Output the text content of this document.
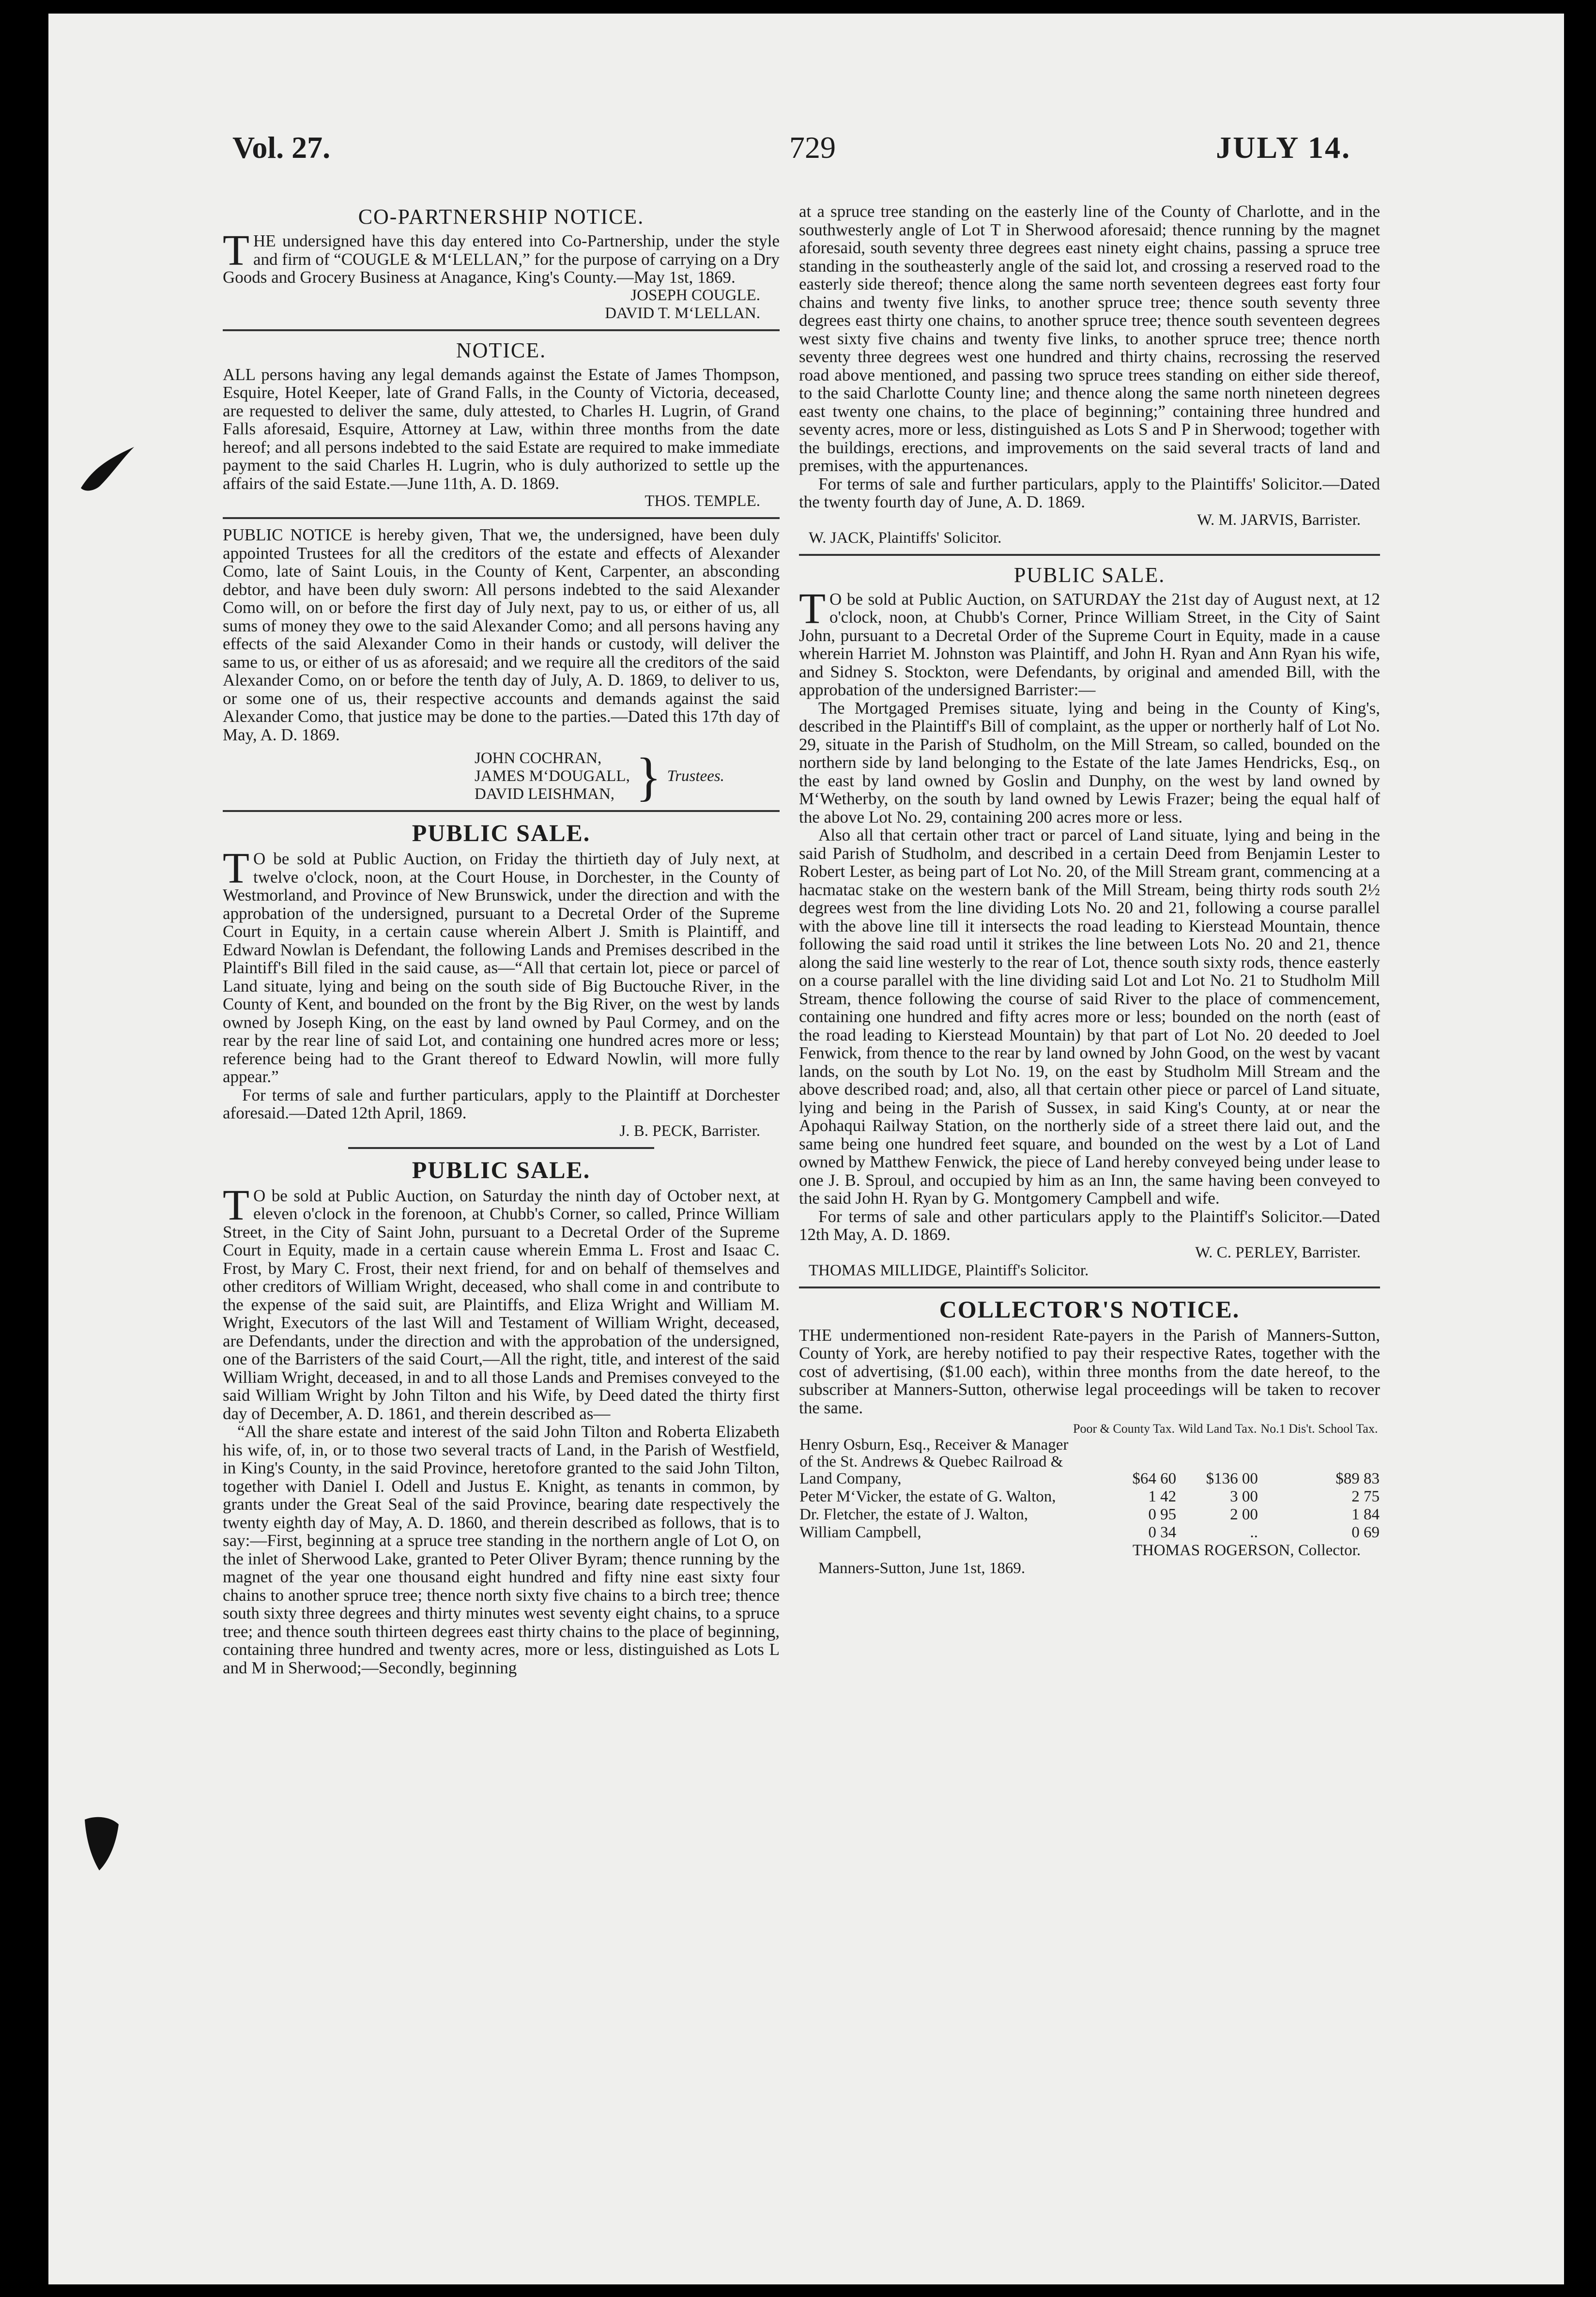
Vol. 27.	729	JULY 14.
CO-PARTNERSHIP NOTICE.

THE undersigned have this day entered into Co-Partnership, under the style and firm of “COUGLE & M‘LELLAN,” for the purpose of carrying on a Dry Goods and Grocery Business at Anagance, King's County.—May 1st, 1869.

JOSEPH COUGLE.
DAVID T. M‘LELLAN.
NOTICE.

ALL persons having any legal demands against the Estate of James Thompson, Esquire, Hotel Keeper, late of Grand Falls, in the County of Victoria, deceased, are requested to deliver the same, duly attested, to Charles H. Lugrin, of Grand Falls aforesaid, Esquire, Attorney at Law, within three months from the date hereof; and all persons indebted to the said Estate are required to make immediate payment to the said Charles H. Lugrin, who is duly authorized to settle up the affairs of the said Estate.—June 11th, A. D. 1869.

THOS. TEMPLE.

PUBLIC NOTICE is hereby given, That we, the undersigned, have been duly appointed Trustees for all the creditors of the estate and effects of Alexander Como, late of Saint Louis, in the County of Kent, Carpenter, an absconding debtor, and have been duly sworn: All persons indebted to the said Alexander Como will, on or before the first day of July next, pay to us, or either of us, all sums of money they owe to the said Alexander Como; and all persons having any effects of the said Alexander Como in their hands or custody, will deliver the same to us, or either of us as aforesaid; and we require all the creditors of the said Alexander Como, on or before the tenth day of July, A. D. 1869, to deliver to us, or some one of us, their respective accounts and demands against the said Alexander Como, that justice may be done to the parties.—Dated this 17th day of May, A. D. 1869.

JOHN COCHRAN,
JAMES M‘DOUGALL,
DAVID LEISHMAN, } Trustees.
PUBLIC SALE.

TO be sold at Public Auction, on Friday the thirtieth day of July next, at twelve o'clock, noon, at the Court House, in Dorchester, in the County of Westmorland, and Province of New Brunswick, under the direction and with the approbation of the undersigned, pursuant to a Decretal Order of the Supreme Court in Equity, in a certain cause wherein Albert J. Smith is Plaintiff, and Edward Nowlan is Defendant, the following Lands and Premises described in the Plaintiff's Bill filed in the said cause, as—“All that certain lot, piece or parcel of Land situate, lying and being on the south side of Big Buctouche River, in the County of Kent, and bounded on the front by the Big River, on the west by lands owned by Joseph King, on the east by land owned by Paul Cormey, and on the rear by the rear line of said Lot, and containing one hundred acres more or less; reference being had to the Grant thereof to Edward Nowlin, will more fully appear.”

For terms of sale and further particulars, apply to the Plaintiff at Dorchester aforesaid.—Dated 12th April, 1869.

J. B. PECK, Barrister.
PUBLIC SALE.

TO be sold at Public Auction, on Saturday the ninth day of October next, at eleven o'clock in the forenoon, at Chubb's Corner, so called, Prince William Street, in the City of Saint John, pursuant to a Decretal Order of the Supreme Court in Equity, made in a certain cause wherein Emma L. Frost and Isaac C. Frost, by Mary C. Frost, their next friend, for and on behalf of themselves and other creditors of William Wright, deceased, who shall come in and contribute to the expense of the said suit, are Plaintiffs, and Eliza Wright and William M. Wright, Executors of the last Will and Testament of William Wright, deceased, are Defendants, under the direction and with the approbation of the undersigned, one of the Barristers of the said Court,—All the right, title, and interest of the said William Wright, deceased, in and to all those Lands and Premises conveyed to the said William Wright by John Tilton and his Wife, by Deed dated the thirty first day of December, A. D. 1861, and therein described as—

“All the share estate and interest of the said John Tilton and Roberta Elizabeth his wife, of, in, or to those two several tracts of Land, in the Parish of Westfield, in King's County, in the said Province, heretofore granted to the said John Tilton, together with Daniel I. Odell and Justus E. Knight, as tenants in common, by grants under the Great Seal of the said Province, bearing date respectively the twenty eighth day of May, A. D. 1860, and therein described as follows, that is to say:—First, beginning at a spruce tree standing in the northern angle of Lot O, on the inlet of Sherwood Lake, granted to Peter Oliver Byram; thence running by the magnet of the year one thousand eight hundred and fifty nine east sixty four chains to another spruce tree; thence north sixty five chains to a birch tree; thence south sixty three degrees and thirty minutes west seventy eight chains, to a spruce tree; and thence south thirteen degrees east thirty chains to the place of beginning, containing three hundred and twenty acres, more or less, distinguished as Lots L and M in Sherwood;—Secondly, beginning

at a spruce tree standing on the easterly line of the County of Charlotte, and in the southwesterly angle of Lot T in Sherwood aforesaid; thence running by the magnet aforesaid, south seventy three degrees east ninety eight chains, passing a spruce tree standing in the southeasterly angle of the said lot, and crossing a reserved road to the easterly side thereof; thence along the same north seventeen degrees east forty four chains and twenty five links, to another spruce tree; thence south seventy three degrees east thirty one chains, to another spruce tree; thence south seventeen degrees west sixty five chains and twenty five links, to another spruce tree; thence north seventy three degrees west one hundred and thirty chains, recrossing the reserved road above mentioned, and passing two spruce trees standing on either side thereof, to the said Charlotte County line; and thence along the same north nineteen degrees east twenty one chains, to the place of beginning;” containing three hundred and seventy acres, more or less, distinguished as Lots S and P in Sherwood; together with the buildings, erections, and improvements on the said several tracts of land and premises, with the appurtenances.

For terms of sale and further particulars, apply to the Plaintiffs' Solicitor.—Dated the twenty fourth day of June, A. D. 1869.

W. M. JARVIS, Barrister.
W. JACK, Plaintiffs' Solicitor.
PUBLIC SALE.

TO be sold at Public Auction, on SATURDAY the 21st day of August next, at 12 o'clock, noon, at Chubb's Corner, Prince William Street, in the City of Saint John, pursuant to a Decretal Order of the Supreme Court in Equity, made in a cause wherein Harriet M. Johnston was Plaintiff, and John H. Ryan and Ann Ryan his wife, and Sidney S. Stockton, were Defendants, by original and amended Bill, with the approbation of the undersigned Barrister:—

The Mortgaged Premises situate, lying and being in the County of King's, described in the Plaintiff's Bill of complaint, as the upper or northerly half of Lot No. 29, situate in the Parish of Studholm, on the Mill Stream, so called, bounded on the northern side by land belonging to the Estate of the late James Hendricks, Esq., on the east by land owned by Goslin and Dunphy, on the west by land owned by M‘Wetherby, on the south by land owned by Lewis Frazer; being the equal half of the above Lot No. 29, containing 200 acres more or less.

Also all that certain other tract or parcel of Land situate, lying and being in the said Parish of Studholm, and described in a certain Deed from Benjamin Lester to Robert Lester, as being part of Lot No. 20, of the Mill Stream grant, commencing at a hacmatac stake on the western bank of the Mill Stream, being thirty rods south 2½ degrees west from the line dividing Lots No. 20 and 21, following a course parallel with the above line till it intersects the road leading to Kierstead Mountain, thence following the said road until it strikes the line between Lots No. 20 and 21, thence along the said line westerly to the rear of Lot, thence south sixty rods, thence easterly on a course parallel with the line dividing said Lot and Lot No. 21 to Studholm Mill Stream, thence following the course of said River to the place of commencement, containing one hundred and fifty acres more or less; bounded on the north (east of the road leading to Kierstead Mountain) by that part of Lot No. 20 deeded to Joel Fenwick, from thence to the rear by land owned by John Good, on the west by vacant lands, on the south by Lot No. 19, on the east by Studholm Mill Stream and the above described road; and, also, all that certain other piece or parcel of Land situate, lying and being in the Parish of Sussex, in said King's County, at or near the Apohaqui Railway Station, on the northerly side of a street there laid out, and the same being one hundred feet square, and bounded on the west by a Lot of Land owned by Matthew Fenwick, the piece of Land hereby conveyed being under lease to one J. B. Sproul, and occupied by him as an Inn, the same having been conveyed to the said John H. Ryan by G. Montgomery Campbell and wife.

For terms of sale and other particulars apply to the Plaintiff's Solicitor.—Dated 12th May, A. D. 1869.

W. C. PERLEY, Barrister.
THOMAS MILLIDGE, Plaintiff's Solicitor.
COLLECTOR'S NOTICE.

THE undermentioned non-resident Rate-payers in the Parish of Manners-Sutton, County of York, are hereby notified to pay their respective Rates, together with the cost of advertising, ($1.00 each), within three months from the date hereof, to the subscriber at Manners-Sutton, otherwise legal proceedings will be taken to recover the same.

	Poor & County Tax.	Wild Land Tax.	No.1 Dis't. School Tax.
Henry Osburn, Esq., Receiver & Manager of the St. Andrews & Quebec Railroad & Land Company,	$64 60	$136 00	$89 83
Peter M‘Vicker, the estate of G. Walton,	1 42	3 00	2 75
Dr. Fletcher, the estate of J. Walton,	0 95	2 00	1 84
William Campbell,	0 34	..	0 69
THOMAS ROGERSON, Collector.
Manners-Sutton, June 1st, 1869.
